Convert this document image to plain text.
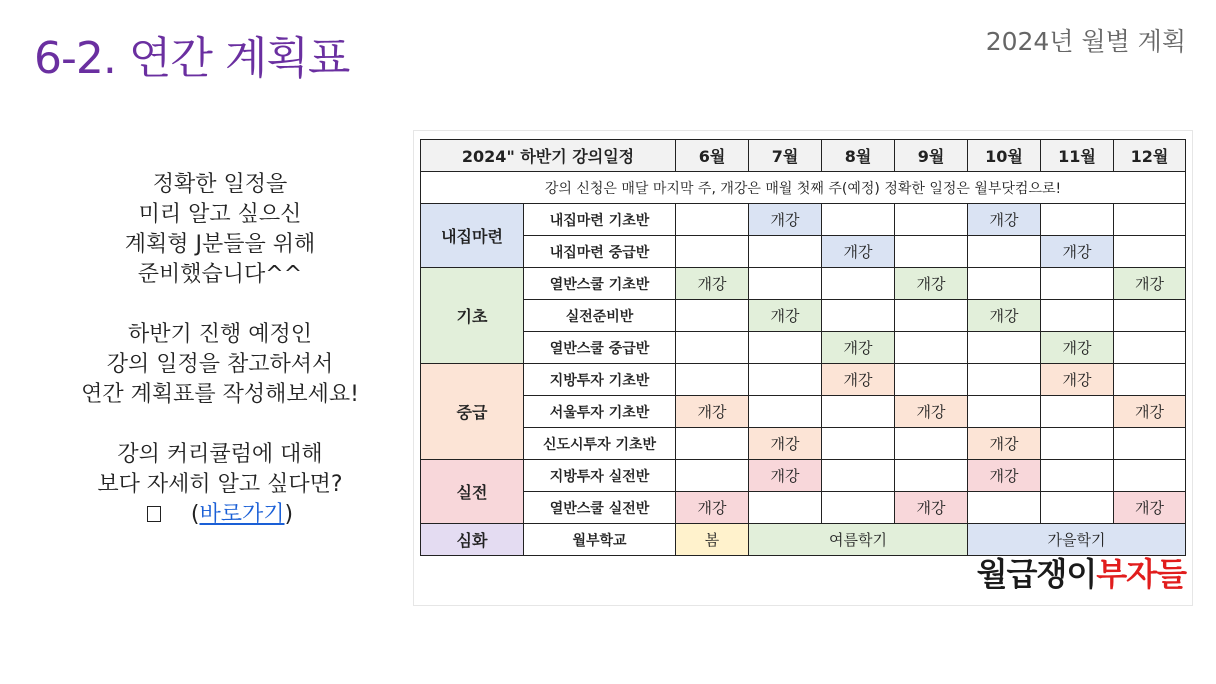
6-2. 연간 계획표	2024년 월별 계획

정확한 일정을

미리 알고 싶으신

계획형 J분들을 위해

준비했습니다^^

하반기 진행 예정인

강의 일정을 참고하셔서

연간 계획표를 작성해보세요!

강의 커리큘럼에 대해

보다 자세히 알고 싶다면?

(바로가기)

2024" 하반기 강의일정		6월	7월	8월	9월	10월	11월	12월
강의 신청은 매달 마지막 주, 개강은 매월 첫째 주(예정) 정확한 일정은 월부닷컴으로!								
내집마련	내집마련 기초반		개강			개강		
	내집마련 중급반			개강			개강	
기초	열반스쿨 기초반	개강			개강			개강
	실전준비반		개강			개강		
	열반스쿨 중급반			개강			개강	
중급	지방투자 기초반			개강			개강	
	서울투자 기초반	개강			개강			개강
	신도시투자 기초반		개강			개강		
실전	지방투자 실전반		개강			개강		
	열반스쿨 실전반	개강			개강			개강
심화	월부학교	봄	여름학기			가을학기		
월급쟁이부자들
